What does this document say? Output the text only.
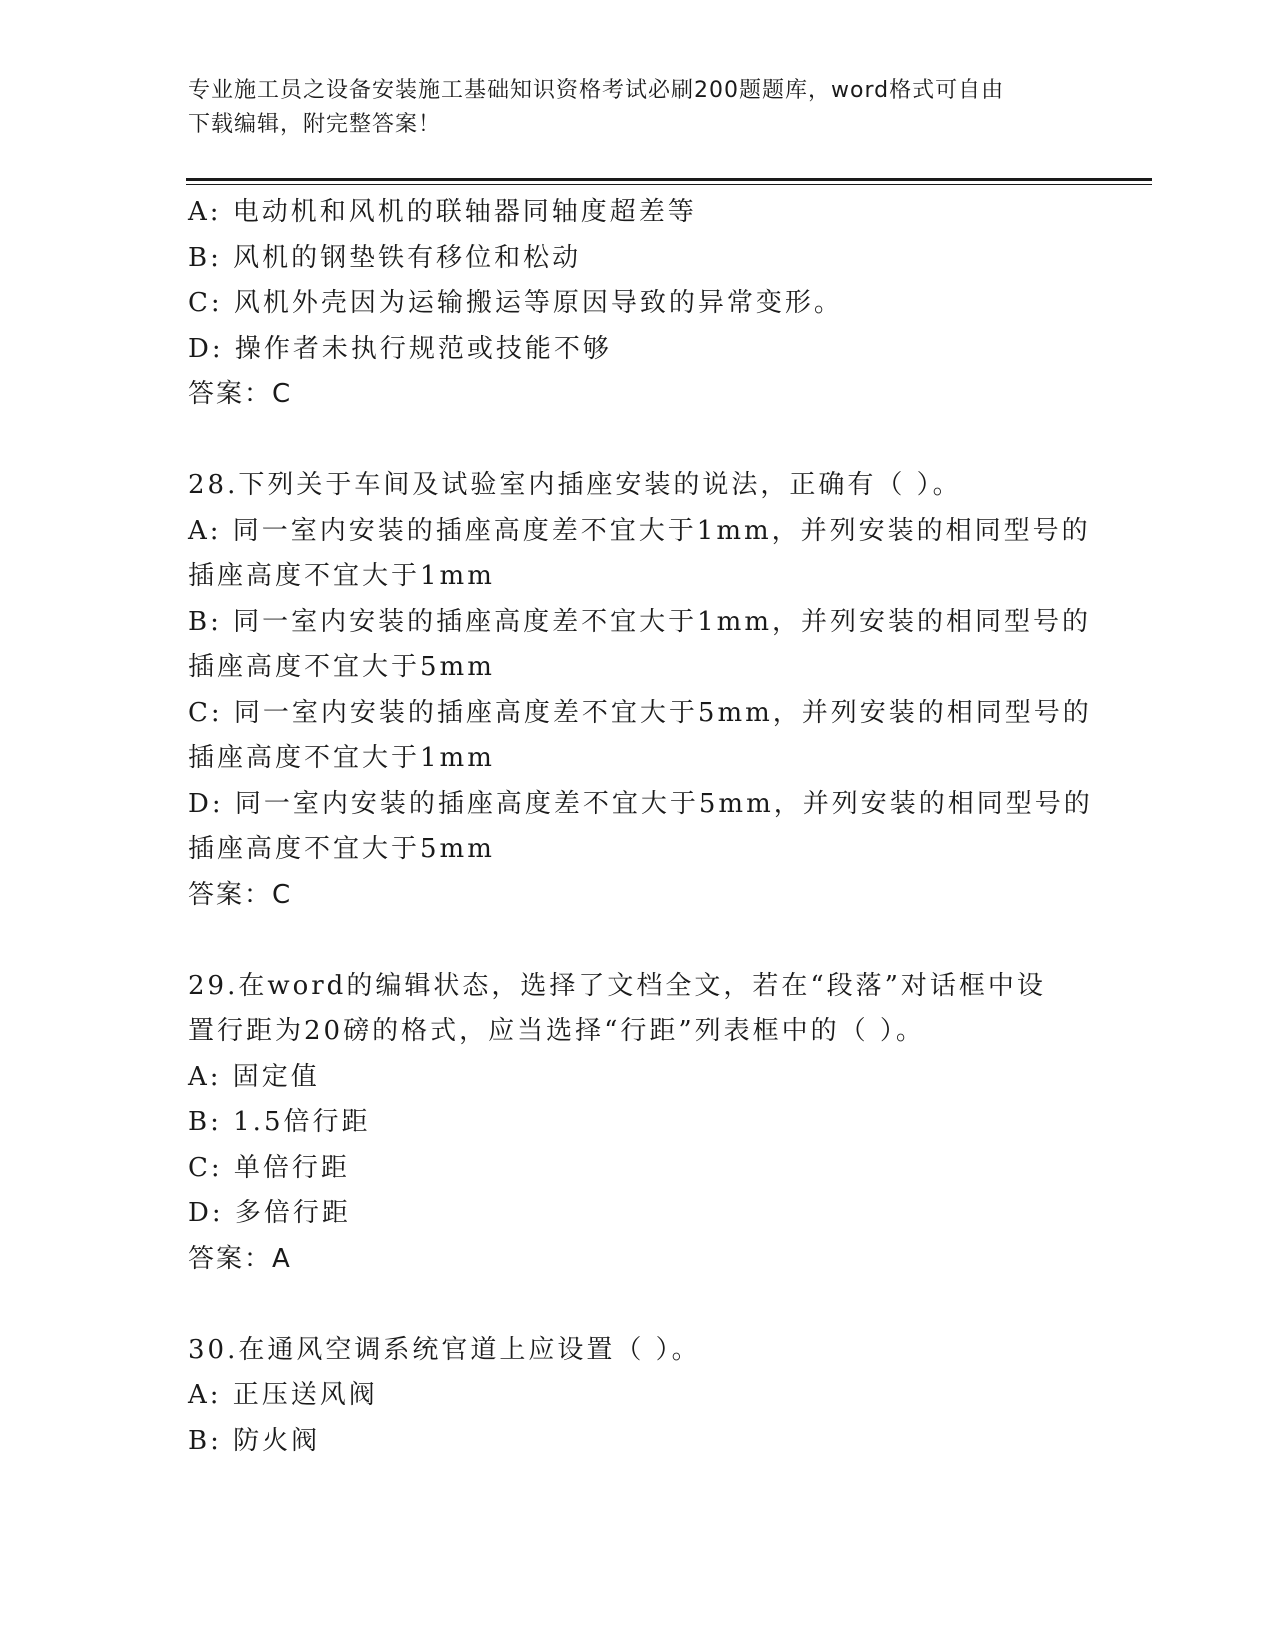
专业施工员之设备安装施工基础知识资格考试必刷200题题库，word格式可自由
下载编辑，附完整答案！
A: 电动机和风机的联轴器同轴度超差等
B: 风机的钢垫铁有移位和松动
C: 风机外壳因为运输搬运等原因导致的异常变形。
D: 操作者未执行规范或技能不够
答案：C
28.下列关于车间及试验室内插座安装的说法，正确有（ ）。
A: 同一室内安装的插座高度差不宜大于1mm，并列安装的相同型号的
插座高度不宜大于1mm
B: 同一室内安装的插座高度差不宜大于1mm，并列安装的相同型号的
插座高度不宜大于5mm
C: 同一室内安装的插座高度差不宜大于5mm，并列安装的相同型号的
插座高度不宜大于1mm
D: 同一室内安装的插座高度差不宜大于5mm，并列安装的相同型号的
插座高度不宜大于5mm
答案：C
29.在word的编辑状态，选择了文档全文，若在“段落”对话框中设
置行距为20磅的格式，应当选择“行距”列表框中的（ ）。
A: 固定值
B: 1.5倍行距
C: 单倍行距
D: 多倍行距
答案：A
30.在通风空调系统官道上应设置（ ）。
A: 正压送风阀
B: 防火阀
